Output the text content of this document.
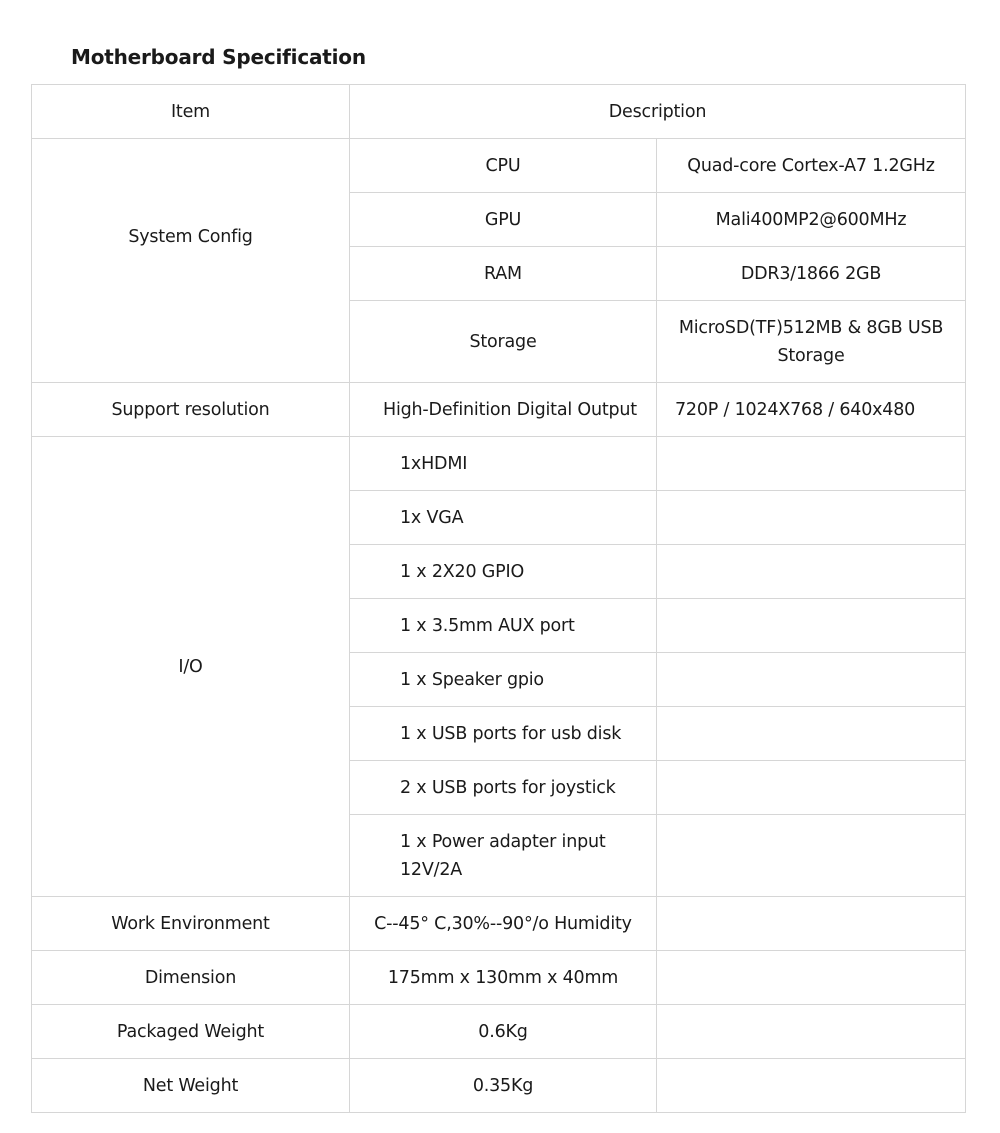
Motherboard Specification
Item	Description	
System Config	CPU	Quad-core Cortex-A7 1.2GHz
	GPU	Mali400MP2@600MHz
	RAM	DDR3/1866 2GB
	Storage	MicroSD(TF)512MB & 8GB USB Storage
Support resolution	High-Definition Digital Output	720P / 1024X768 / 640x480
I/O	1xHDMI	
	1x VGA	
	1 x 2X20 GPIO	
	1 x 3.5mm AUX port	
	1 x Speaker gpio	
	1 x USB ports for usb disk	
	2 x USB ports for joystick	
	1 x Power adapter input 12V/2A	
Work Environment	C--45° C,30%--90°/o Humidity	
Dimension	175mm x 130mm x 40mm	
Packaged Weight	0.6Kg	
Net Weight	0.35Kg	
